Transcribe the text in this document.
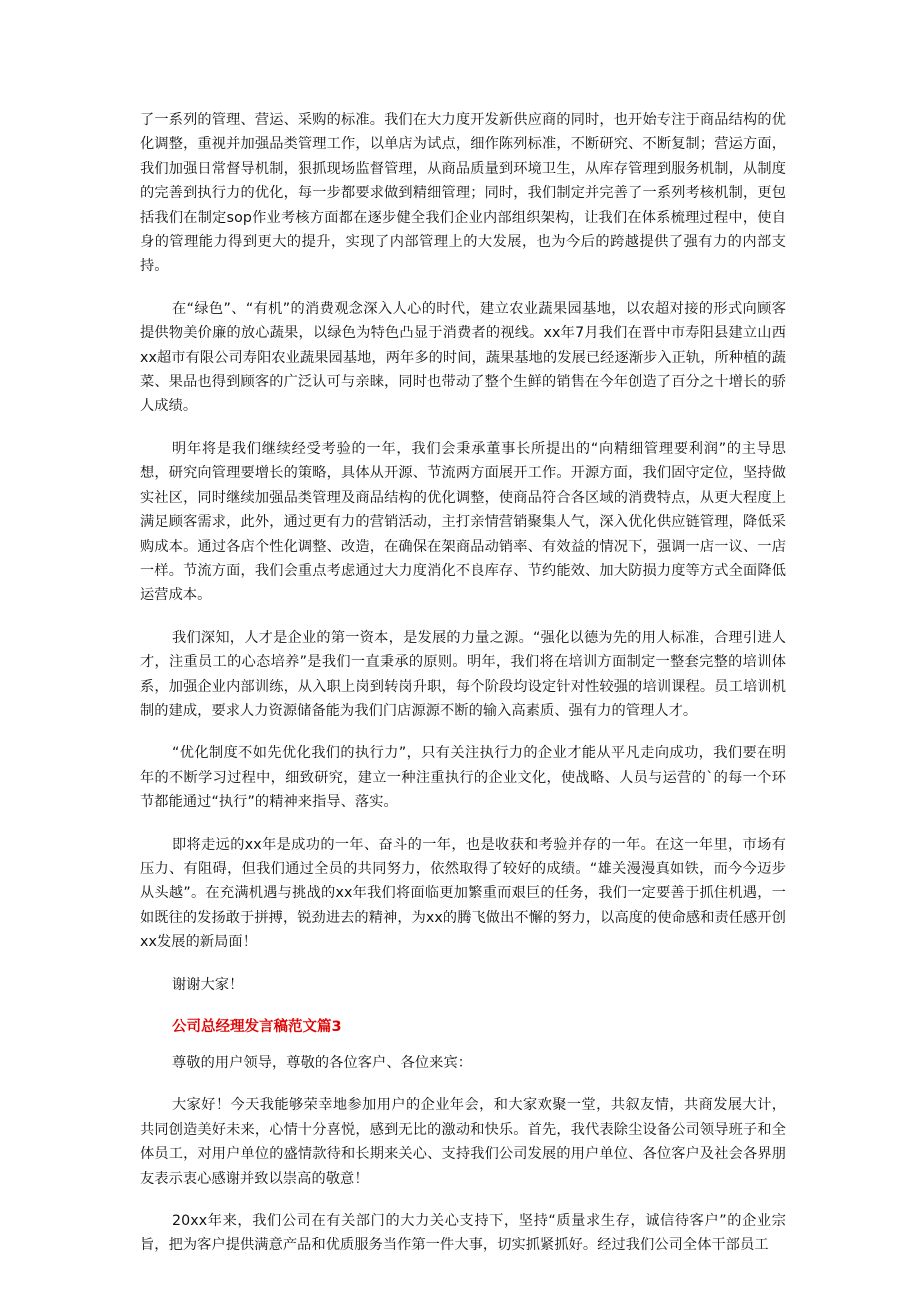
了一系列的管理、营运、采购的标准。我们在大力度开发新供应商的同时，也开始专注于商品结构的优化调整，重视并加强品类管理工作，以单店为试点，细作陈列标准，不断研究、不断复制；营运方面，我们加强日常督导机制，狠抓现场监督管理，从商品质量到环境卫生，从库存管理到服务机制，从制度的完善到执行力的优化，每一步都要求做到精细管理；同时，我们制定并完善了一系列考核机制，更包括我们在制定sop作业考核方面都在逐步健全我们企业内部组织架构，让我们在体系梳理过程中，使自身的管理能力得到更大的提升，实现了内部管理上的大发展，也为今后的跨越提供了强有力的内部支持。

在“绿色”、“有机”的消费观念深入人心的时代，建立农业蔬果园基地，以农超对接的形式向顾客提供物美价廉的放心蔬果，以绿色为特色凸显于消费者的视线。xx年7月我们在晋中市寿阳县建立山西xx超市有限公司寿阳农业蔬果园基地，两年多的时间，蔬果基地的发展已经逐渐步入正轨，所种植的蔬菜、果品也得到顾客的广泛认可与亲睐，同时也带动了整个生鲜的销售在今年创造了百分之十增长的骄人成绩。

明年将是我们继续经受考验的一年，我们会秉承董事长所提出的“向精细管理要利润”的主导思想，研究向管理要增长的策略，具体从开源、节流两方面展开工作。开源方面，我们固守定位，坚持做实社区，同时继续加强品类管理及商品结构的优化调整，使商品符合各区域的消费特点，从更大程度上满足顾客需求，此外，通过更有力的营销活动，主打亲情营销聚集人气，深入优化供应链管理，降低采购成本。通过各店个性化调整、改造，在确保在架商品动销率、有效益的情况下，强调一店一议、一店一样。节流方面，我们会重点考虑通过大力度消化不良库存、节约能效、加大防损力度等方式全面降低运营成本。

我们深知，人才是企业的第一资本，是发展的力量之源。“强化以德为先的用人标准，合理引进人才，注重员工的心态培养”是我们一直秉承的原则。明年，我们将在培训方面制定一整套完整的培训体系，加强企业内部训练，从入职上岗到转岗升职，每个阶段均设定针对性较强的培训课程。员工培训机制的建成，要求人力资源储备能为我们门店源源不断的输入高素质、强有力的管理人才。

“优化制度不如先优化我们的执行力”，只有关注执行力的企业才能从平凡走向成功，我们要在明年的不断学习过程中，细致研究，建立一种注重执行的企业文化，使战略、人员与运营的`的每一个环节都能通过“执行”的精神来指导、落实。

即将走远的xx年是成功的一年、奋斗的一年，也是收获和考验并存的一年。在这一年里，市场有压力、有阻碍，但我们通过全员的共同努力，依然取得了较好的成绩。“雄关漫漫真如铁，而今今迈步从头越”。在充满机遇与挑战的xx年我们将面临更加繁重而艰巨的任务，我们一定要善于抓住机遇，一如既往的发扬敢于拼搏，锐劲进去的精神，为xx的腾飞做出不懈的努力，以高度的使命感和责任感开创xx发展的新局面！

谢谢大家！

公司总经理发言稿范文篇3

尊敬的用户领导，尊敬的各位客户、各位来宾：

大家好！今天我能够荣幸地参加用户的企业年会，和大家欢聚一堂，共叙友情，共商发展大计，共同创造美好未来，心情十分喜悦，感到无比的激动和快乐。首先，我代表除尘设备公司领导班子和全体员工，对用户单位的盛情款待和长期来关心、支持我们公司发展的用户单位、各位客户及社会各界朋友表示衷心感谢并致以崇高的敬意！

20xx年来，我们公司在有关部门的大力关心支持下，坚持“质量求生存，诚信待客户”的企业宗旨，把为客户提供满意产品和优质服务当作第一件大事，切实抓紧抓好。经过我们公司全体干部员工
